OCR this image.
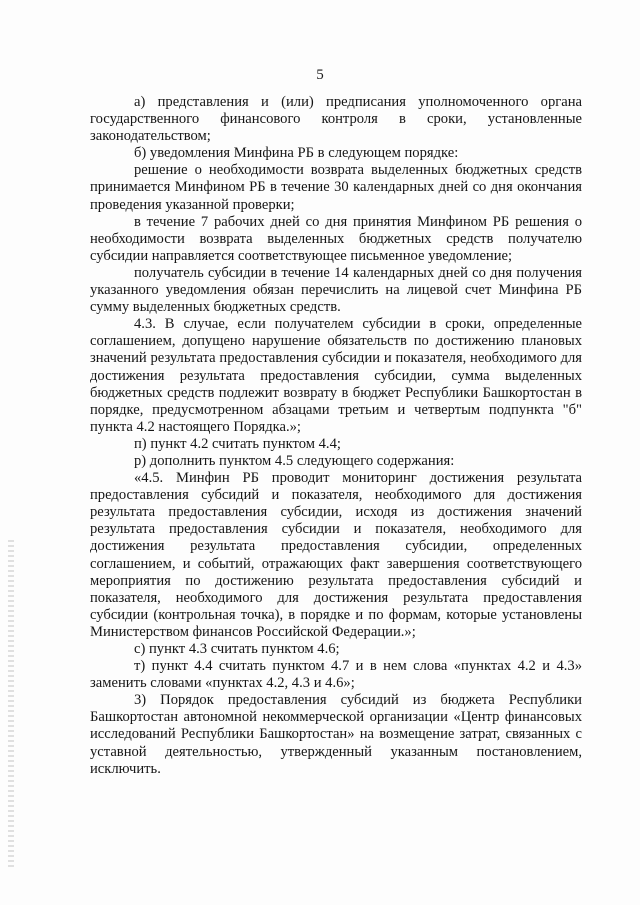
5

а) представления и (или) предписания уполномоченного органа государственного финансового контроля в сроки, установленные законодательством;

б) уведомления Минфина РБ в следующем порядке:

решение о необходимости возврата выделенных бюджетных средств принимается Минфином РБ в течение 30 календарных дней со дня окончания проведения указанной проверки;

в течение 7 рабочих дней со дня принятия Минфином РБ решения о необходимости возврата выделенных бюджетных средств получателю субсидии направляется соответствующее письменное уведомление;

получатель субсидии в течение 14 календарных дней со дня получения указанного уведомления обязан перечислить на лицевой счет Минфина РБ сумму выделенных бюджетных средств.

4.3. В случае, если получателем субсидии в сроки, определенные соглашением, допущено нарушение обязательств по достижению плановых значений результата предоставления субсидии и показателя, необходимого для достижения результата предоставления субсидии, сумма выделенных бюджетных средств подлежит возврату в бюджет Республики Башкортостан в порядке, предусмотренном абзацами третьим и четвертым подпункта "б" пункта 4.2 настоящего Порядка.»;

п) пункт 4.2 считать пунктом 4.4;

р) дополнить пунктом 4.5 следующего содержания:

«4.5. Минфин РБ проводит мониторинг достижения результата предоставления субсидий и показателя, необходимого для достижения результата предоставления субсидии, исходя из достижения значений результата предоставления субсидии и показателя, необходимого для достижения результата предоставления субсидии, определенных соглашением, и событий, отражающих факт завершения соответствующего мероприятия по достижению результата предоставления субсидий и показателя, необходимого для достижения результата предоставления субсидии (контрольная точка), в порядке и по формам, которые установлены Министерством финансов Российской Федерации.»;

с) пункт 4.3 считать пунктом 4.6;

т) пункт 4.4 считать пунктом 4.7 и в нем слова «пунктах 4.2 и 4.3» заменить словами «пунктах 4.2, 4.3 и 4.6»;

3) Порядок предоставления субсидий из бюджета Республики Башкортостан автономной некоммерческой организации «Центр финансовых исследований Республики Башкортостан» на возмещение затрат, связанных с уставной деятельностью, утвержденный указанным постановлением, исключить.
